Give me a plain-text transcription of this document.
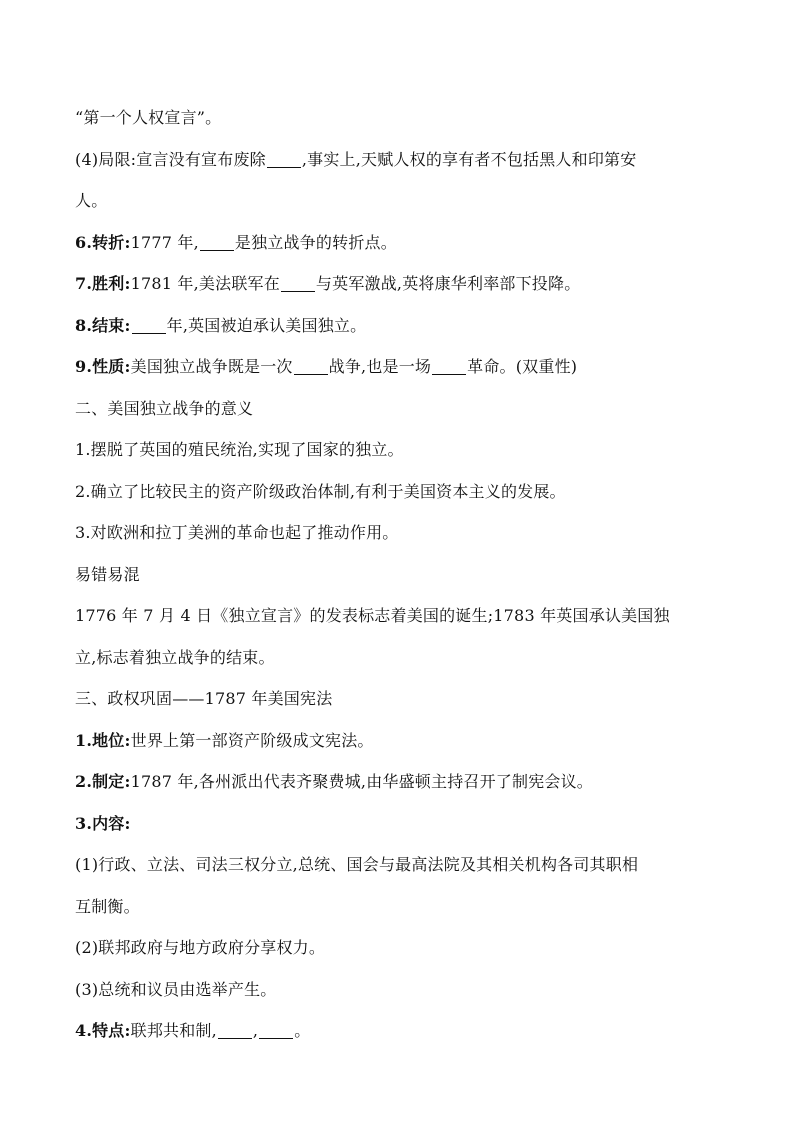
“第一个人权宣言”。
(4)局限:宣言没有宣布废除 ,事实上,天赋人权的享有者不包括黑人和印第安
人。
6.转折:1777 年, 是独立战争的转折点。
7.胜利:1781 年,美法联军在 与英军激战,英将康华利率部下投降。
8.结束: 年,英国被迫承认美国独立。
9.性质:美国独立战争既是一次 战争,也是一场 革命。(双重性)
二、美国独立战争的意义
1.摆脱了英国的殖民统治,实现了国家的独立。
2.确立了比较民主的资产阶级政治体制,有利于美国资本主义的发展。
3.对欧洲和拉丁美洲的革命也起了推动作用。
易错易混
1776 年 7 月 4 日《独立宣言》的发表标志着美国的诞生;1783 年英国承认美国独
立,标志着独立战争的结束。
三、政权巩固——1787 年美国宪法
1.地位:世界上第一部资产阶级成文宪法。
2.制定:1787 年,各州派出代表齐聚费城,由华盛顿主持召开了制宪会议。
3.内容:
(1)行政、立法、司法三权分立,总统、国会与最高法院及其相关机构各司其职相
互制衡。
(2)联邦政府与地方政府分享权力。
(3)总统和议员由选举产生。
4.特点:联邦共和制, , 。
